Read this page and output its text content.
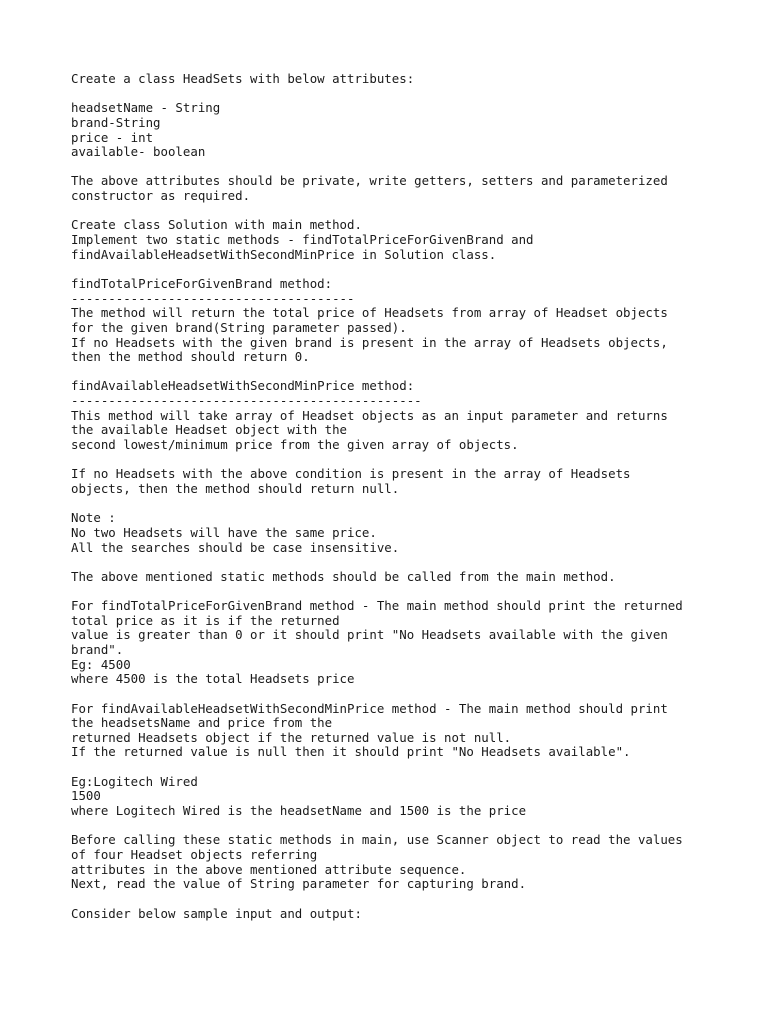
Create a class HeadSets with below attributes:
headsetName - String
brand-String
price - int
available- boolean
The above attributes should be private, write getters, setters and parameterized
constructor as required.
Create class Solution with main method.
Implement two static methods - findTotalPriceForGivenBrand and
findAvailableHeadsetWithSecondMinPrice in Solution class.
findTotalPriceForGivenBrand method:
--------------------------------------
The method will return the total price of Headsets from array of Headset objects
for the given brand(String parameter passed).
If no Headsets with the given brand is present in the array of Headsets objects,
then the method should return 0.
findAvailableHeadsetWithSecondMinPrice method:
-----------------------------------------------
This method will take array of Headset objects as an input parameter and returns
the available Headset object with the
second lowest/minimum price from the given array of objects.
If no Headsets with the above condition is present in the array of Headsets
objects, then the method should return null.
Note :
No two Headsets will have the same price.
All the searches should be case insensitive.
The above mentioned static methods should be called from the main method.
For findTotalPriceForGivenBrand method - The main method should print the returned
total price as it is if the returned
value is greater than 0 or it should print "No Headsets available with the given
brand".
Eg: 4500
where 4500 is the total Headsets price
For findAvailableHeadsetWithSecondMinPrice method - The main method should print
the headsetsName and price from the
returned Headsets object if the returned value is not null.
If the returned value is null then it should print "No Headsets available".
Eg:Logitech Wired
1500
where Logitech Wired is the headsetName and 1500 is the price
Before calling these static methods in main, use Scanner object to read the values
of four Headset objects referring
attributes in the above mentioned attribute sequence.
Next, read the value of String parameter for capturing brand.
Consider below sample input and output:
